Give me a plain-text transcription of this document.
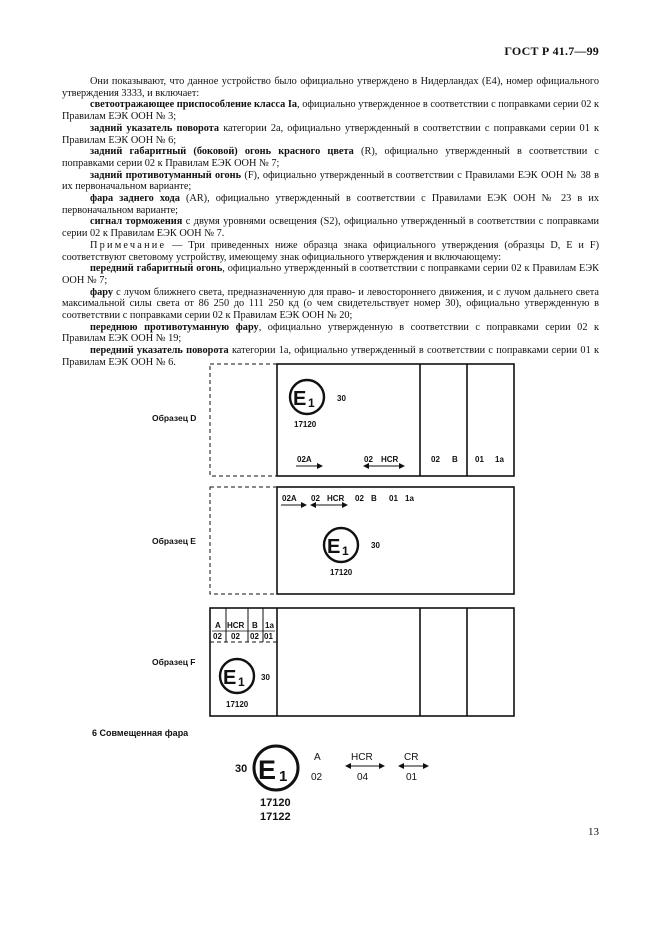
ГОСТ Р 41.7—99

Они показывают, что данное устройство было официально утверждено в Нидерландах (Е4), номер официального утверждения 3333, и включает:

светоотражающее приспособление класса Iа, официально утвержденное в соответствии с поправками серии 02 к Правилам ЕЭК ООН № 3;

задний указатель поворота категории 2а, официально утвержденный в соответствии с поправками серии 01 к Правилам ЕЭК ООН № 6;

задний габаритный (боковой) огонь красного цвета (R), официально утвержденный в соответствии с поправками серии 02 к Правилам ЕЭК ООН № 7;

задний противотуманный огонь (F), официально утвержденный в соответствии с Правилами ЕЭК ООН № 38 в их первоначальном варианте;

фара заднего хода (AR), официально утвержденный в соответствии с Правилами ЕЭК ООН № 23 в их первоначальном варианте;

сигнал торможения с двумя уровнями освещения (S2), официально утвержденный в соответствии с поправками серии 02 к Правилам ЕЭК ООН № 7.

Примечание — Три приведенных ниже образца знака официального утверждения (образцы D, E и F) соответствуют световому устройству, имеющему знак официального утверждения и включающему:

передний габаритный огонь, официально утвержденный в соответствии с поправками серии 02 к Правилам ЕЭК ООН № 7;

фару с лучом ближнего света, предназначенную для право- и левостороннего движения, и с лучом дальнего света максимальной силы света от 86 250 до 111 250 кд (о чем свидетельствует номер 30), официально утвержденную в соответствии с поправками серии 02 к Правилам ЕЭК ООН № 20;

переднюю противотуманную фару, официально утвержденную в соответствии с поправками серии 02 к Правилам ЕЭК ООН № 19;

передний указатель поворота категории 1а, официально утвержденный в соответствии с поправками серии 01 к Правилам ЕЭК ООН № 6.

Образец D
E 1	30
17120
02A	02 HCR	02 B 01 1a
Образец E
02A 02 HCR 02 B 01 1a
E 1	30
17120
Образец F
A HCR B 1a
02 02 02 01
E 1 30
17120
30 E 1
A
02
HCR
04
CR
01
17120
17122
6 Совмещенная фара
13
